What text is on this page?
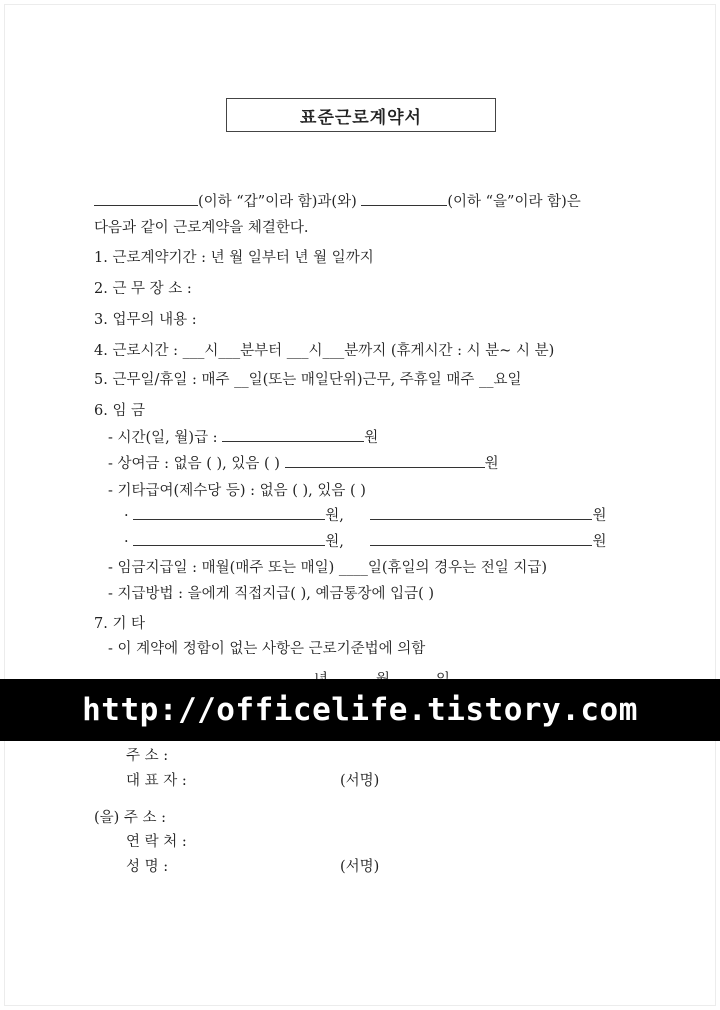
표준근로계약서
(이하 “갑”이라 함)과(와)	(이하 “을”이라 함)은
다음과 같이 근로계약을 체결한다.
1. 근로계약기간 : 년 월 일부터 년 월 일까지
2. 근 무 장 소 :
3. 업무의 내용 :
4. 근로시간 : ___시___분부터 ___시___분까지 (휴게시간 : 시 분~ 시 분)
5. 근무일/휴일 : 매주 __일(또는 매일단위)근무, 주휴일 매주 __요일
6. 임 금
- 시간(일, 월)급 :	원
- 상여금 : 없음 ( ), 있음 ( )	원
- 기타급여(제수당 등) : 없음 ( ), 있음 ( )
·	원,	원
·	원,	원
- 임금지급일 : 매월(매주 또는 매일) ____일(휴일의 경우는 전일 지급)
- 지급방법 : 을에게 직접지급( ), 예금통장에 입금( )
7. 기 타
- 이 계약에 정함이 없는 사항은 근로기준법에 의함
http://officelife.tistory.com
주 소 :
대 표 자 :	(서명)
(을) 주 소 :
연 락 처 :
성 명 :	(서명)
